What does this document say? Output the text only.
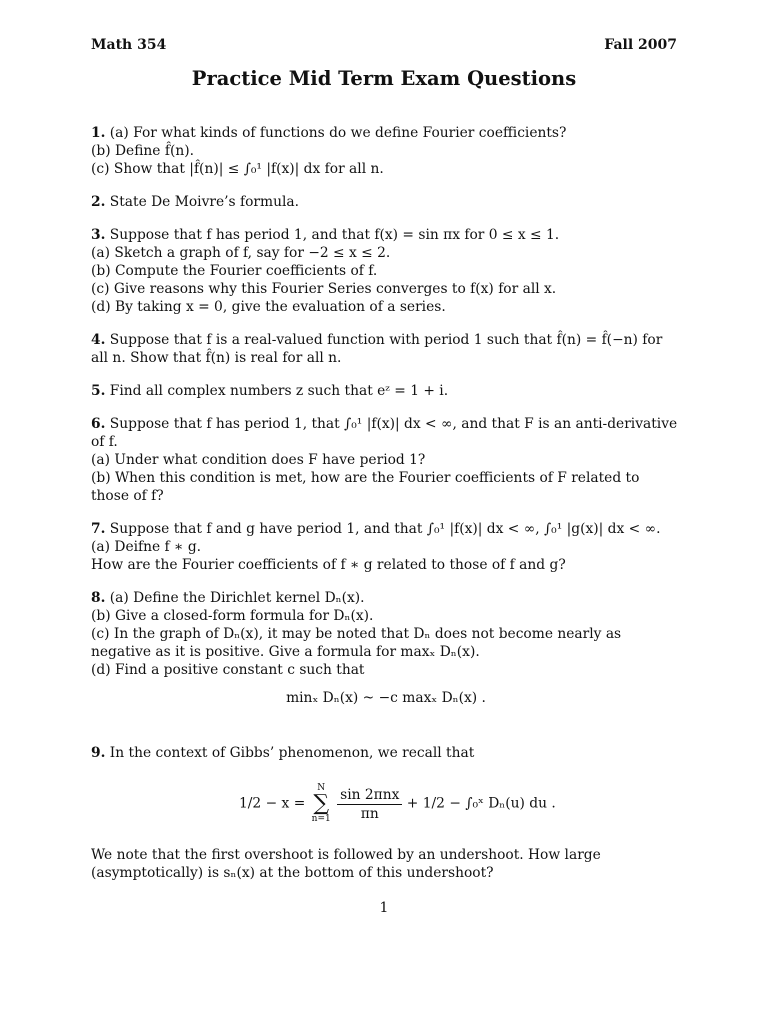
Math 354	Fall 2007
Practice Mid Term Exam Questions

1. (a) For what kinds of functions do we define Fourier coefficients?

(b) Define f̂(n).

(c) Show that |f̂(n)| ≤ ∫₀¹ |f(x)| dx for all n.

2. State De Moivre’s formula.

3. Suppose that f has period 1, and that f(x) = sin πx for 0 ≤ x ≤ 1.

(a) Sketch a graph of f, say for −2 ≤ x ≤ 2.

(b) Compute the Fourier coefficients of f.

(c) Give reasons why this Fourier Series converges to f(x) for all x.

(d) By taking x = 0, give the evaluation of a series.

4. Suppose that f is a real-valued function with period 1 such that f̂(n) = f̂(−n) for all n. Show that f̂(n) is real for all n.

5. Find all complex numbers z such that eᶻ = 1 + i.

6. Suppose that f has period 1, that ∫₀¹ |f(x)| dx < ∞, and that F is an anti-derivative of f.

(a) Under what condition does F have period 1?

(b) When this condition is met, how are the Fourier coefficients of F related to those of f?

7. Suppose that f and g have period 1, and that ∫₀¹ |f(x)| dx < ∞, ∫₀¹ |g(x)| dx < ∞.

(a) Deifne f ∗ g.

How are the Fourier coefficients of f ∗ g related to those of f and g?

8. (a) Define the Dirichlet kernel Dₙ(x).

(b) Give a closed-form formula for Dₙ(x).

(c) In the graph of Dₙ(x), it may be noted that Dₙ does not become nearly as negative as it is positive. Give a formula for maxₓ Dₙ(x).

(d) Find a positive constant c such that

minₓ Dₙ(x) ~ −c maxₓ Dₙ(x) .

9. In the context of Gibbs’ phenomenon, we recall that

1/2 − x =
N
∑
n=1
$\frac{\text{sin 2πnx}}{\pi n} + 1/2$ − ∫₀ˣ Dₙ(u) du .

We note that the first overshoot is followed by an undershoot. How large (asymptotically) is sₙ(x) at the bottom of this undershoot?

1
